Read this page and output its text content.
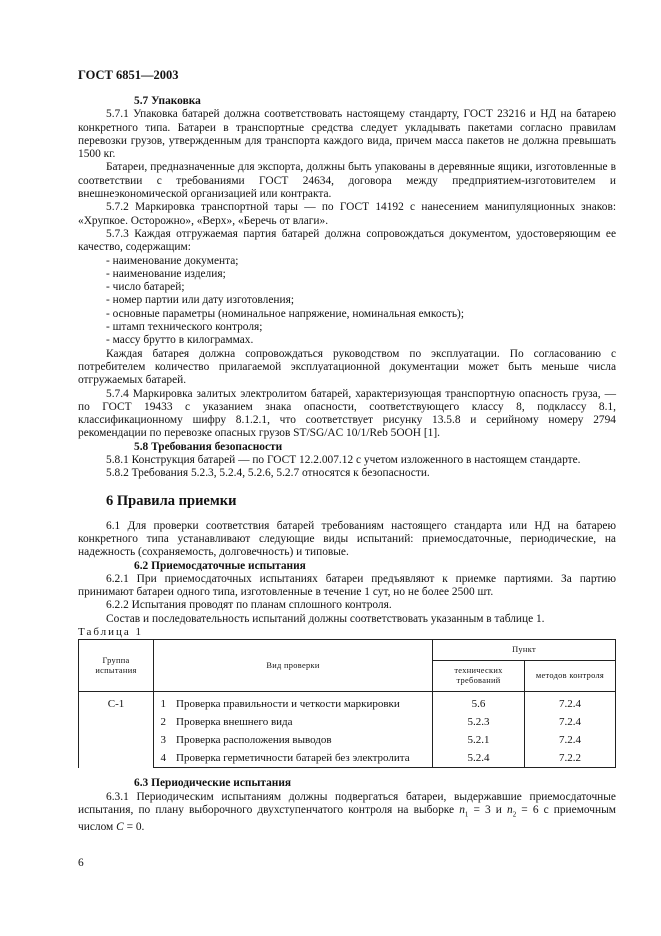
ГОСТ 6851—2003

5.7 Упаковка

5.7.1 Упаковка батарей должна соответствовать настоящему стандарту, ГОСТ 23216 и НД на батарею конкретного типа. Батареи в транспортные средства следует укладывать пакетами согласно правилам перевозки грузов, утвержденным для транспорта каждого вида, причем масса пакетов не должна превышать 1500 кг.

Батареи, предназначенные для экспорта, должны быть упакованы в деревянные ящики, изготовленные в соответствии с требованиями ГОСТ 24634, договора между предприятием-изготовителем и внешнеэкономической организацией или контракта.

5.7.2 Маркировка транспортной тары — по ГОСТ 14192 с нанесением манипуляционных знаков: «Хрупкое. Осторожно», «Верх», «Беречь от влаги».

5.7.3 Каждая отгружаемая партия батарей должна сопровождаться документом, удостоверяющим ее качество, содержащим:

- наименование документа;
- наименование изделия;
- число батарей;
- номер партии или дату изготовления;
- основные параметры (номинальное напряжение, номинальная емкость);
- штамп технического контроля;
- массу брутто в килограммах.

Каждая батарея должна сопровождаться руководством по эксплуатации. По согласованию с потребителем количество прилагаемой эксплуатационной документации может быть меньше числа отгружаемых батарей.

5.7.4 Маркировка залитых электролитом батарей, характеризующая транспортную опасность груза, — по ГОСТ 19433 с указанием знака опасности, соответствующего классу 8, подклассу 8.1, классификационному шифру 8.1.2.1, что соответствует рисунку 13.5.8 и серийному номеру 2794 рекомендации по перевозке опасных грузов ST/SG/AC 10/1/Reb 5OOH [1].

5.8 Требования безопасности

5.8.1 Конструкция батарей — по ГОСТ 12.2.007.12 с учетом изложенного в настоящем стандарте.

5.8.2 Требования 5.2.3, 5.2.4, 5.2.6, 5.2.7 относятся к безопасности.

6 Правила приемки

6.1 Для проверки соответствия батарей требованиям настоящего стандарта или НД на батарею конкретного типа устанавливают следующие виды испытаний: приемосдаточные, периодические, на надежность (сохраняемость, долговечность) и типовые.

6.2 Приемосдаточные испытания

6.2.1 При приемосдаточных испытаниях батареи предъявляют к приемке партиями. За партию принимают батареи одного типа, изготовленные в течение 1 сут, но не более 2500 шт.

6.2.2 Испытания проводят по планам сплошного контроля.

Состав и последовательность испытаний должны соответствовать указанным в таблице 1.

Таблица 1

Группа испытания	Вид проверки		Пункт	
			технических требований	методов контроля
С-1	1	Проверка правильности и четкости маркировки	5.6	7.2.4
	2	Проверка внешнего вида	5.2.3	7.2.4
	3	Проверка расположения выводов	5.2.1	7.2.4
	4	Проверка герметичности батарей без электролита	5.2.4	7.2.2

6.3 Периодические испытания

6.3.1 Периодическим испытаниям должны подвергаться батареи, выдержавшие приемосдаточные испытания, по плану выборочного двухступенчатого контроля на выборке $n_1 = 3$ и $n_2 = 6$ с приемочным числом С = 0.

6
